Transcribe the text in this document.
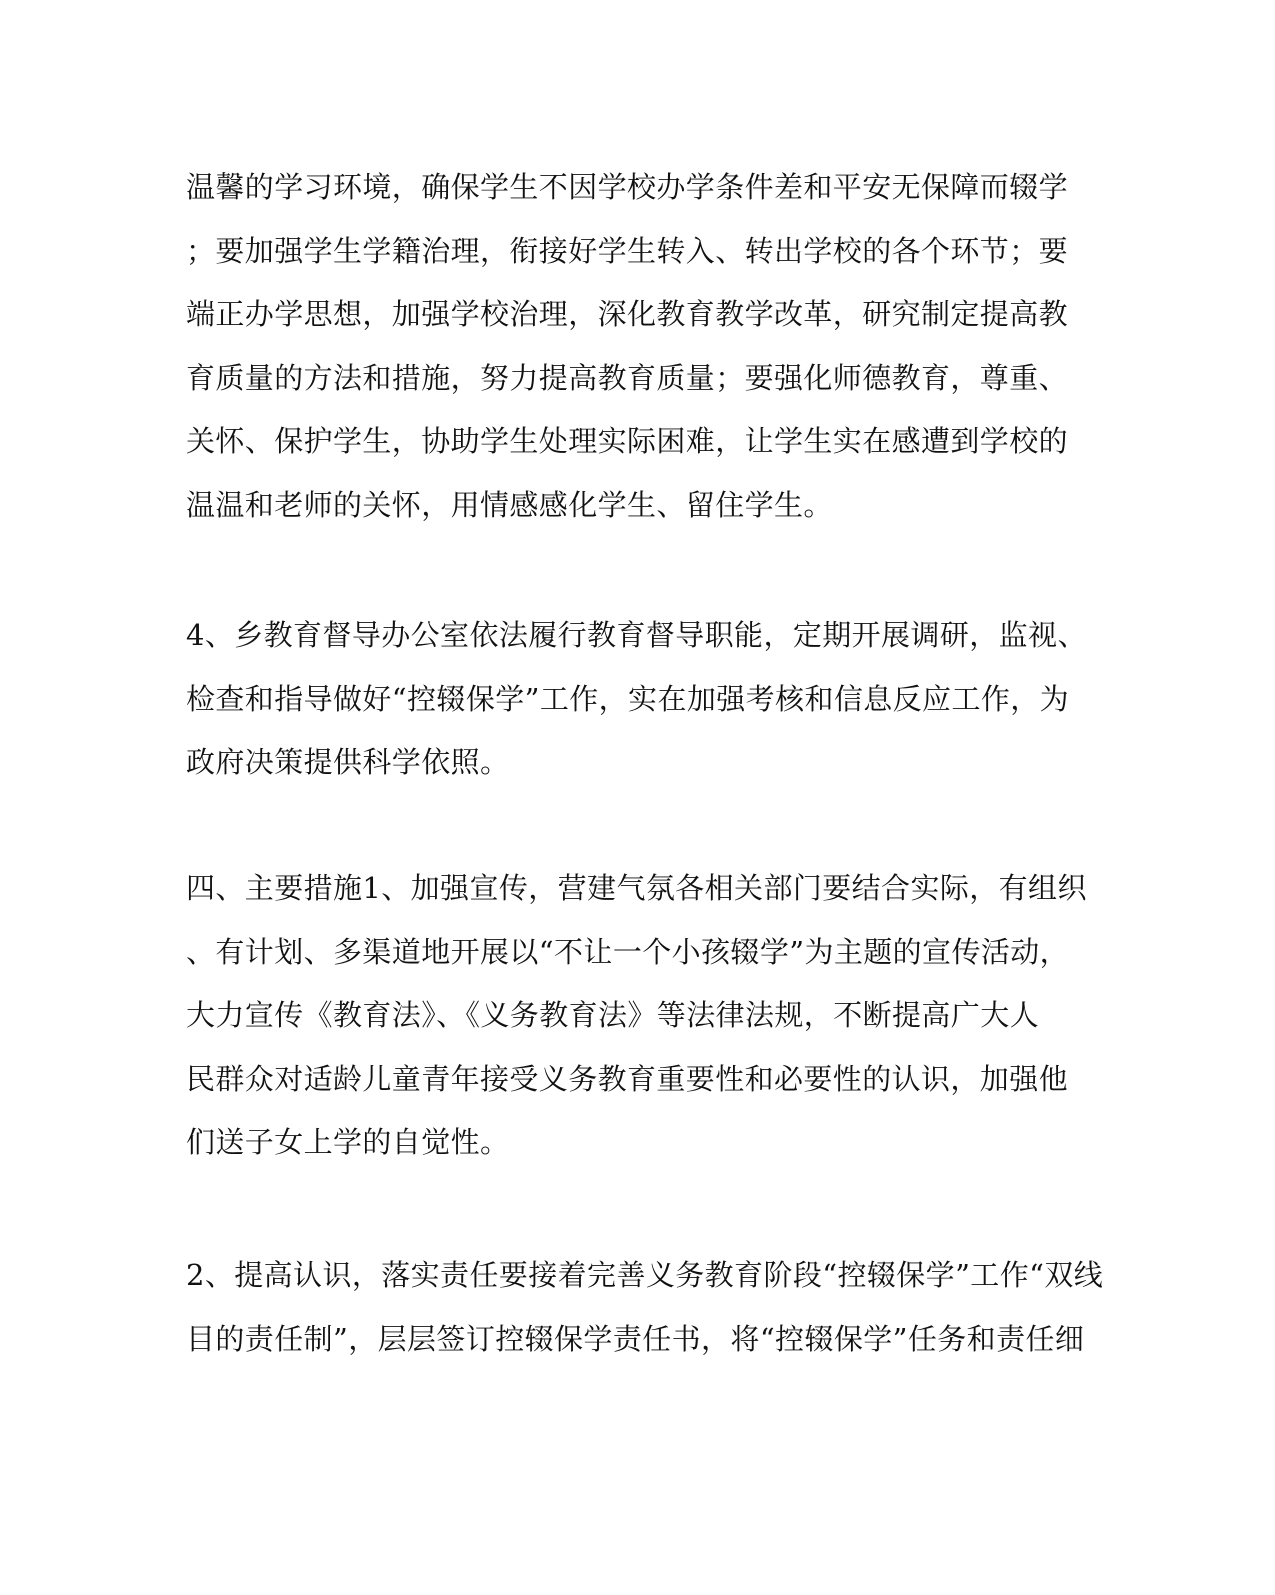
温馨的学习环境，确保学生不因学校办学条件差和平安无保障而辍学
；要加强学生学籍治理，衔接好学生转入、转出学校的各个环节；要
端正办学思想，加强学校治理，深化教育教学改革，研究制定提高教
育质量的方法和措施，努力提高教育质量；要强化师德教育，尊重、
关怀、保护学生，协助学生处理实际困难，让学生实在感遭到学校的
温温和老师的关怀，用情感感化学生、留住学生。
4、乡教育督导办公室依法履行教育督导职能，定期开展调研，监视、
检查和指导做好“控辍保学”工作，实在加强考核和信息反应工作，为
政府决策提供科学依照。
四、主要措施1、加强宣传，营建气氛各相关部门要结合实际，有组织
、有计划、多渠道地开展以“不让一个小孩辍学”为主题的宣传活动，
大力宣传《教育法》、《义务教育法》等法律法规，不断提高广大人
民群众对适龄儿童青年接受义务教育重要性和必要性的认识，加强他
们送子女上学的自觉性。
2、提高认识，落实责任要接着完善义务教育阶段“控辍保学”工作“双线
目的责任制”，层层签订控辍保学责任书，将“控辍保学”任务和责任细
